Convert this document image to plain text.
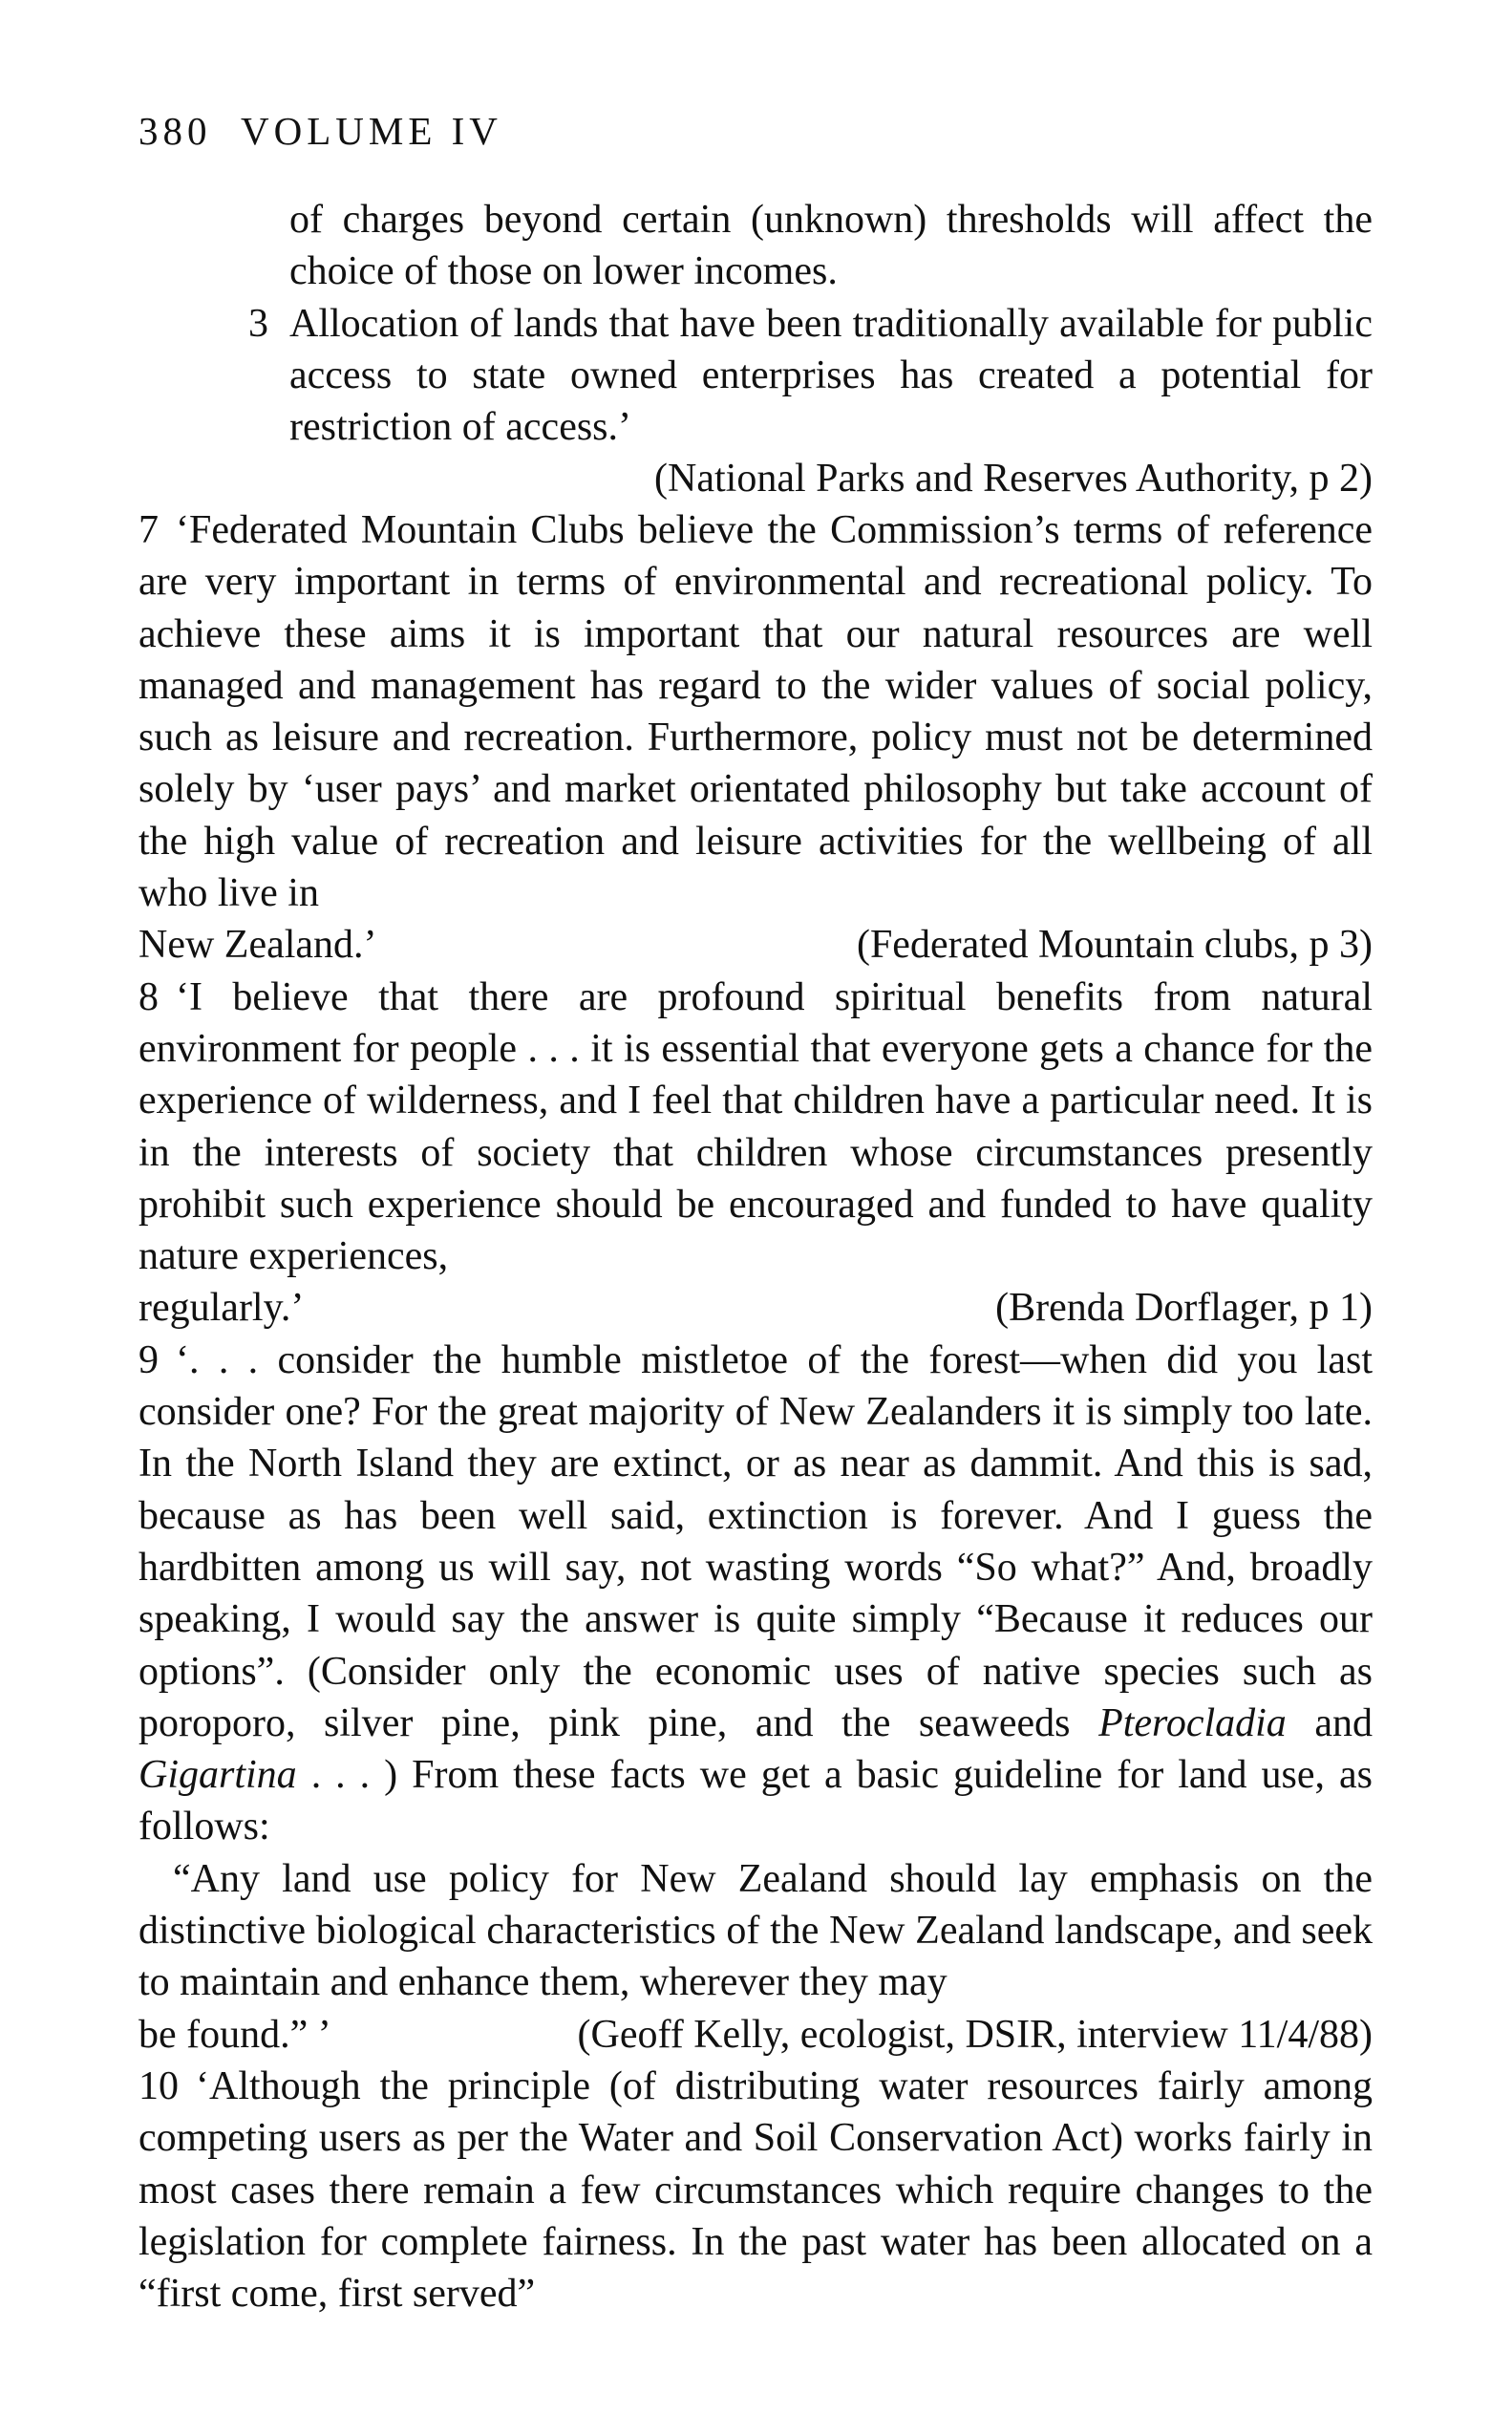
380 VOLUME IV

of charges beyond certain (unknown) thresholds will affect the choice of those on lower incomes.

3 Allocation of lands that have been traditionally available for public access to state owned enterprises has created a potential for restriction of access.’

(National Parks and Reserves Authority, p 2)

7 ‘Federated Mountain Clubs believe the Commission’s terms of reference are very important in terms of environmental and recreational policy. To achieve these aims it is important that our natural resources are well managed and management has regard to the wider values of social policy, such as leisure and recreation. Furthermore, policy must not be determined solely by ‘user pays’ and market orientated philosophy but take account of the high value of recreation and leisure activities for the wellbeing of all who live in

New Zealand.’	(Federated Mountain clubs, p 3)

8 ‘I believe that there are profound spiritual benefits from natural environment for people . . . it is essential that everyone gets a chance for the experience of wilderness, and I feel that children have a particular need. It is in the interests of society that children whose circumstances presently prohibit such experience should be encouraged and funded to have quality nature experiences,

regularly.’	(Brenda Dorflager, p 1)

9 ‘. . . consider the humble mistletoe of the forest—when did you last consider one? For the great majority of New Zealanders it is simply too late. In the North Island they are extinct, or as near as dammit. And this is sad, because as has been well said, extinction is forever. And I guess the hardbitten among us will say, not wasting words “So what?” And, broadly speaking, I would say the answer is quite simply “Because it reduces our options”. (Consider only the economic uses of native species such as poroporo, silver pine, pink pine, and the seaweeds Pterocladia and Gigartina . . . ) From these facts we get a basic guideline for land use, as follows:

“Any land use policy for New Zealand should lay emphasis on the distinctive biological characteristics of the New Zealand landscape, and seek to maintain and enhance them, wherever they may

be found.” ’	(Geoff Kelly, ecologist, DSIR, interview 11/4/88)

10 ‘Although the principle (of distributing water resources fairly among competing users as per the Water and Soil Conservation Act) works fairly in most cases there remain a few circumstances which require changes to the legislation for complete fairness. In the past water has been allocated on a “first come, first served”
